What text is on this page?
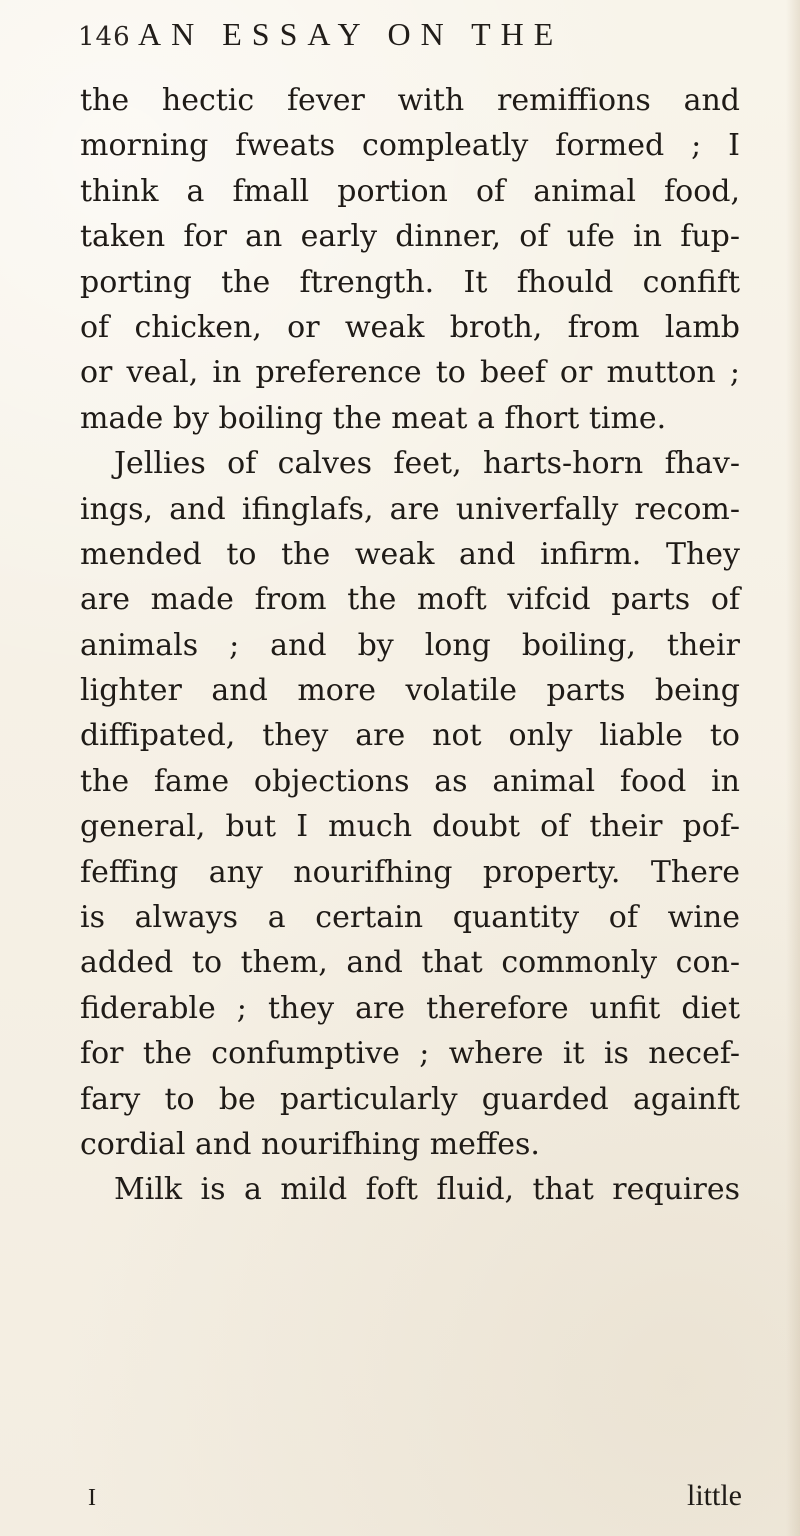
146 AN ESSAY ON THE
the hectic fever with remiffions and
morning fweats compleatly formed ; I
think a fmall portion of animal food,
taken for an early dinner, of ufe in fup-
porting the ftrength. It fhould confift
of chicken, or weak broth, from lamb
or veal, in preference to beef or mutton ;
made by boiling the meat a fhort time.
Jellies of calves feet, harts-horn fhav-
ings, and ifinglafs, are univerfally recom-
mended to the weak and infirm. They
are made from the moft vifcid parts of
animals ; and by long boiling, their
lighter and more volatile parts being
diffipated, they are not only liable to
the fame objections as animal food in
general, but I much doubt of their pof-
feffing any nourifhing property. There
is always a certain quantity of wine
added to them, and that commonly con-
fiderable ; they are therefore unfit diet
for the confumptive ; where it is necef-
fary to be particularly guarded againft
cordial and nourifhing meffes.
Milk is a mild foft fluid, that requires
I	little
